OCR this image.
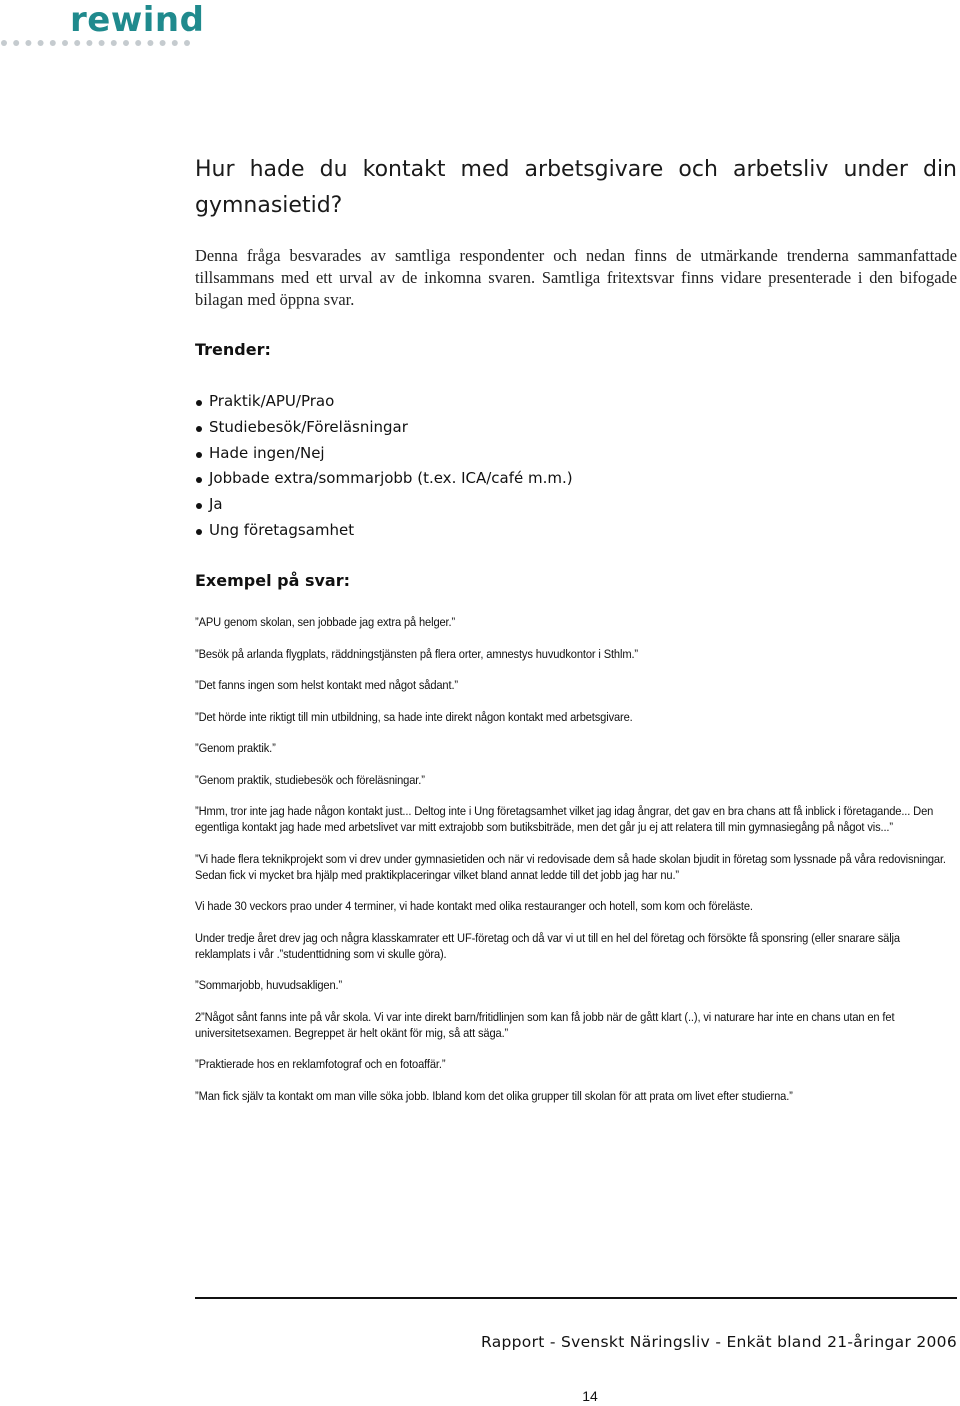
rewind
Hur hade du kontakt med arbetsgivare och arbetsliv under din gymnasietid?

Denna fråga besvarades av samtliga respondenter och nedan finns de utmärkande trenderna sammanfattade tillsammans med ett urval av de inkomna svaren. Samtliga fritextsvar finns vidare presenterade i den bifogade bilagan med öppna svar.

Trender:
Praktik/APU/Prao
Studiebesök/Föreläsningar
Hade ingen/Nej
Jobbade extra/sommarjobb (t.ex. ICA/café m.m.)
Ja
Ung företagsamhet
Exempel på svar:

”APU genom skolan, sen jobbade jag extra på helger.”

”Besök på arlanda flygplats, räddningstjänsten på flera orter, amnestys huvudkontor i Sthlm.”

”Det fanns ingen som helst kontakt med något sådant.”

”Det hörde inte riktigt till min utbildning, sa hade inte direkt någon kontakt med arbetsgivare.

”Genom praktik.”

”Genom praktik, studiebesök och föreläsningar.”

”Hmm, tror inte jag hade någon kontakt just... Deltog inte i Ung företagsamhet vilket jag idag ångrar, det gav en bra chans att få inblick i företagande... Den egentliga kontakt jag hade med arbetslivet var mitt extrajobb som butiksbiträde, men det går ju ej att relatera till min gymnasiegång på något vis...”

”Vi hade flera teknikprojekt som vi drev under gymnasietiden och när vi redovisade dem så hade skolan bjudit in företag som lyssnade på våra redovisningar. Sedan fick vi mycket bra hjälp med praktikplaceringar vilket bland annat ledde till det jobb jag har nu.”

Vi hade 30 veckors prao under 4 terminer, vi hade kontakt med olika restauranger och hotell, som kom och föreläste.

Under tredje året drev jag och några klasskamrater ett UF-företag och då var vi ut till en hel del företag och försökte få sponsring (eller snarare sälja reklamplats i vår .”studenttidning som vi skulle göra).

”Sommarjobb, huvudsakligen.”

2”Något sånt fanns inte på vår skola. Vi var inte direkt barn/fritidlinjen som kan få jobb när de gått klart (..), vi naturare har inte en chans utan en fet universitetsexamen. Begreppet är helt okänt för mig, så att säga.”

”Praktierade hos en reklamfotograf och en fotoaffär.”

”Man fick själv ta kontakt om man ville söka jobb. Ibland kom det olika grupper till skolan för att prata om livet efter studierna.”

Rapport - Svenskt Näringsliv - Enkät bland 21-åringar 2006
14
